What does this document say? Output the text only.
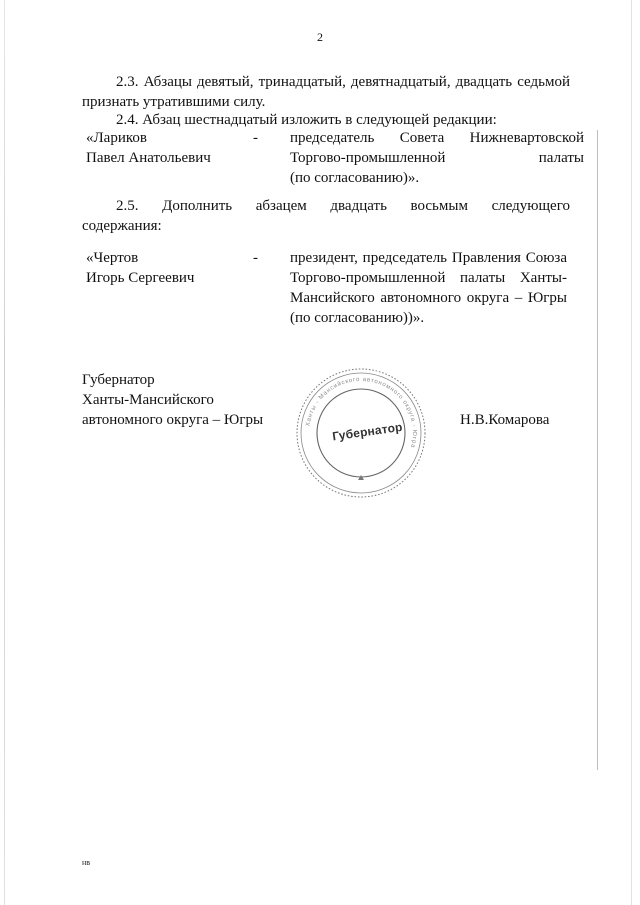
2
2.3. Абзацы девятый, тринадцатый, девятнадцатый, двадцать седьмой признать утратившими силу.
2.4. Абзац шестнадцатый изложить в следующей редакции:
«Лариков
Павел Анатольевич
- председатель Совета Нижневартовской
Торгово-промышленной палаты
(по согласованию)».
2.5. Дополнить абзацем двадцать восьмым следующего
содержания:
«Чертов
Игорь Сергеевич
- президент, председатель Правления Союза
Торгово-промышленной палаты Ханты-
Мансийского автономного округа – Югры
(по согласованию))».
Губернатор
Ханты-Мансийского
автономного округа – Югры	Ханты - Мансийского автономного округа - Югра
Губернатор	Н.В.Комарова
нв
